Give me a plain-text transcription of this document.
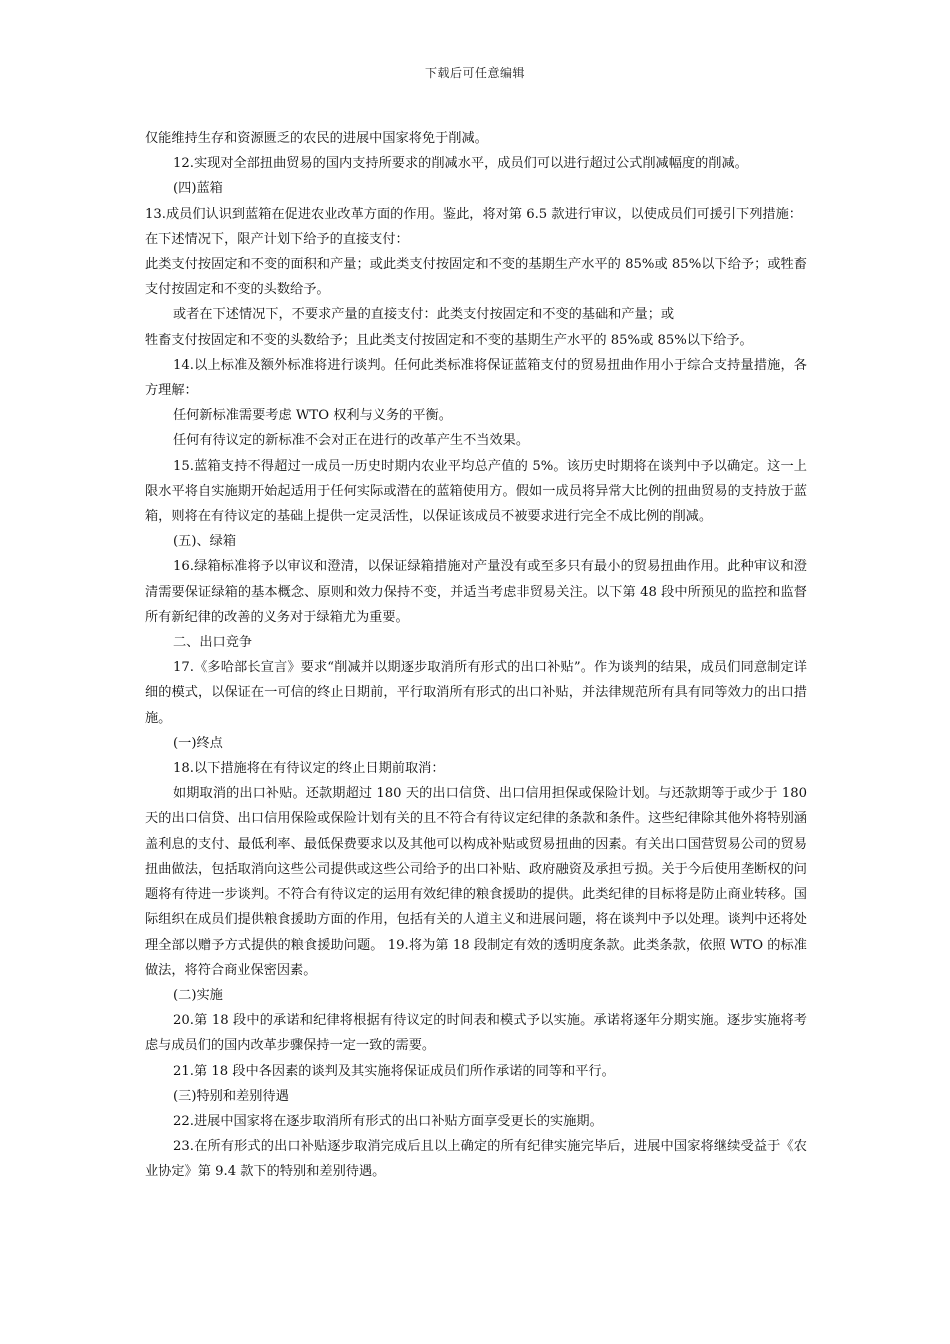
下载后可任意编辑

仅能维持生存和资源匮乏的农民的进展中国家将免于削减。

12.实现对全部扭曲贸易的国内支持所要求的削减水平，成员们可以进行超过公式削减幅度的削减。

(四)蓝箱

13.成员们认识到蓝箱在促进农业改革方面的作用。鉴此，将对第 6.5 款进行审议，以使成员们可援引下列措施：

在下述情况下，限产计划下给予的直接支付：

此类支付按固定和不变的面积和产量；或此类支付按固定和不变的基期生产水平的 85%或 85%以下给予；或牲畜支付按固定和不变的头数给予。

或者在下述情况下，不要求产量的直接支付：此类支付按固定和不变的基础和产量；或

牲畜支付按固定和不变的头数给予；且此类支付按固定和不变的基期生产水平的 85%或 85%以下给予。

14.以上标准及额外标准将进行谈判。任何此类标准将保证蓝箱支付的贸易扭曲作用小于综合支持量措施，各方理解：

任何新标准需要考虑 WTO 权利与义务的平衡。

任何有待议定的新标准不会对正在进行的改革产生不当效果。

15.蓝箱支持不得超过一成员一历史时期内农业平均总产值的 5%。该历史时期将在谈判中予以确定。这一上限水平将自实施期开始起适用于任何实际或潜在的蓝箱使用方。假如一成员将异常大比例的扭曲贸易的支持放于蓝箱，则将在有待议定的基础上提供一定灵活性，以保证该成员不被要求进行完全不成比例的削减。

(五)、绿箱

16.绿箱标准将予以审议和澄清，以保证绿箱措施对产量没有或至多只有最小的贸易扭曲作用。此种审议和澄清需要保证绿箱的基本概念、原则和效力保持不变，并适当考虑非贸易关注。以下第 48 段中所预见的监控和监督所有新纪律的改善的义务对于绿箱尤为重要。

二、出口竞争

17.《多哈部长宣言》要求“削减并以期逐步取消所有形式的出口补贴”。作为谈判的结果，成员们同意制定详细的模式，以保证在一可信的终止日期前，平行取消所有形式的出口补贴，并法律规范所有具有同等效力的出口措施。

(一)终点

18.以下措施将在有待议定的终止日期前取消：

如期取消的出口补贴。还款期超过 180 天的出口信贷、出口信用担保或保险计划。与还款期等于或少于 180 天的出口信贷、出口信用保险或保险计划有关的且不符合有待议定纪律的条款和条件。这些纪律除其他外将特别涵盖利息的支付、最低利率、最低保费要求以及其他可以构成补贴或贸易扭曲的因素。有关出口国营贸易公司的贸易扭曲做法，包括取消向这些公司提供或这些公司给予的出口补贴、政府融资及承担亏损。关于今后使用垄断权的问题将有待进一步谈判。不符合有待议定的运用有效纪律的粮食援助的提供。此类纪律的目标将是防止商业转移。国际组织在成员们提供粮食援助方面的作用，包括有关的人道主义和进展问题，将在谈判中予以处理。谈判中还将处理全部以赠予方式提供的粮食援助问题。 19.将为第 18 段制定有效的透明度条款。此类条款，依照 WTO 的标准做法，将符合商业保密因素。

(二)实施

20.第 18 段中的承诺和纪律将根据有待议定的时间表和模式予以实施。承诺将逐年分期实施。逐步实施将考虑与成员们的国内改革步骤保持一定一致的需要。

21.第 18 段中各因素的谈判及其实施将保证成员们所作承诺的同等和平行。

(三)特别和差别待遇

22.进展中国家将在逐步取消所有形式的出口补贴方面享受更长的实施期。

23.在所有形式的出口补贴逐步取消完成后且以上确定的所有纪律实施完毕后，进展中国家将继续受益于《农业协定》第 9.4 款下的特别和差别待遇。
